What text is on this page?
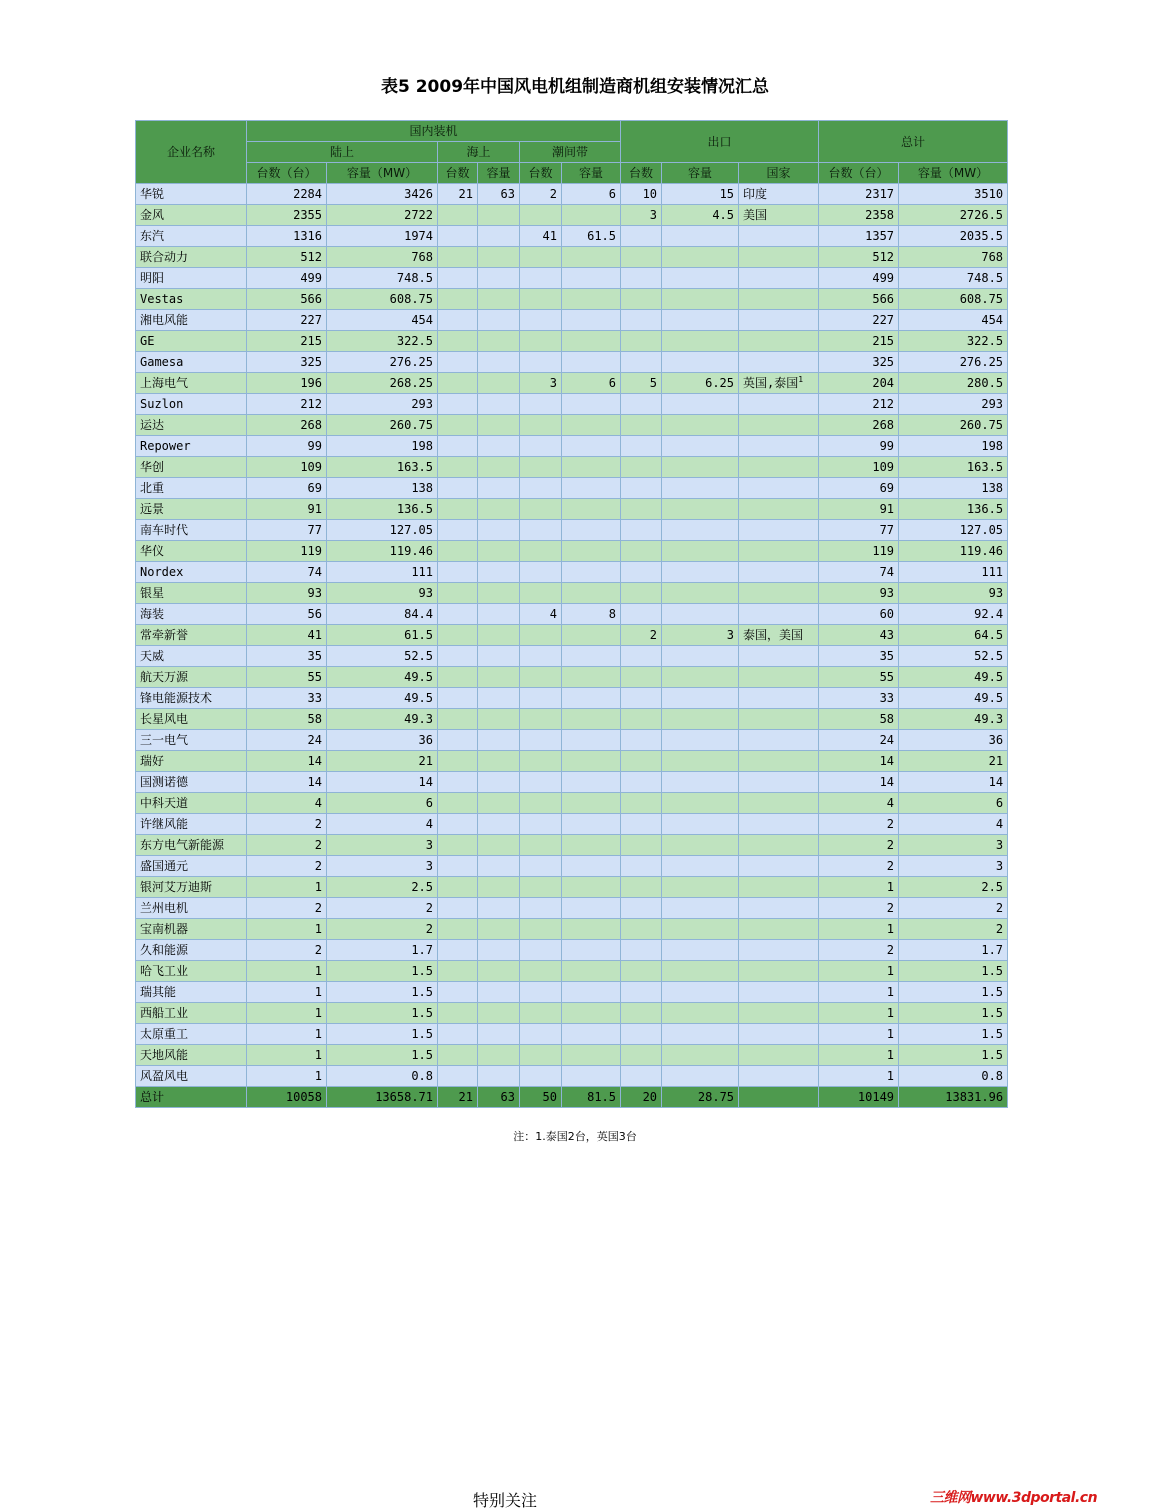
表5 2009年中国风电机组制造商机组安装情况汇总
企业名称	国内装机						出口			总计	
	陆上		海上		潮间带						
	台数（台）	容量（MW）	台数	容量	台数	容量	台数	容量	国家	台数（台）	容量（MW）
华锐	2284	3426	21	63	2	6	10	15	印度	2317	3510
金风	2355	2722					3	4.5	美国	2358	2726.5
东汽	1316	1974			41	61.5				1357	2035.5
联合动力	512	768								512	768
明阳	499	748.5								499	748.5
Vestas	566	608.75								566	608.75
湘电风能	227	454								227	454
GE	215	322.5								215	322.5
Gamesa	325	276.25								325	276.25
上海电气	196	268.25			3	6	5	6.25	英国,泰国$^1$	204	280.5
Suzlon	212	293								212	293
运达	268	260.75								268	260.75
Repower	99	198								99	198
华创	109	163.5								109	163.5
北重	69	138								69	138
远景	91	136.5								91	136.5
南车时代	77	127.05								77	127.05
华仪	119	119.46								119	119.46
Nordex	74	111								74	111
银星	93	93								93	93
海装	56	84.4			4	8				60	92.4
常牵新誉	41	61.5					2	3	泰国，美国	43	64.5
天威	35	52.5								35	52.5
航天万源	55	49.5								55	49.5
锋电能源技术	33	49.5								33	49.5
长星风电	58	49.3								58	49.3
三一电气	24	36								24	36
瑞好	14	21								14	21
国测诺德	14	14								14	14
中科天道	4	6								4	6
许继风能	2	4								2	4
东方电气新能源	2	3								2	3
盛国通元	2	3								2	3
银河艾万迪斯	1	2.5								1	2.5
兰州电机	2	2								2	2
宝南机器	1	2								1	2
久和能源	2	1.7								2	1.7
哈飞工业	1	1.5								1	1.5
瑞其能	1	1.5								1	1.5
西船工业	1	1.5								1	1.5
太原重工	1	1.5								1	1.5
天地风能	1	1.5								1	1.5
风盈风电	1	0.8								1	0.8
总计	10058	13658.71	21	63	50	81.5	20	28.75		10149	13831.96
注：1.泰国2台，英国3台
特别关注	三维网www.3dportal.cn
